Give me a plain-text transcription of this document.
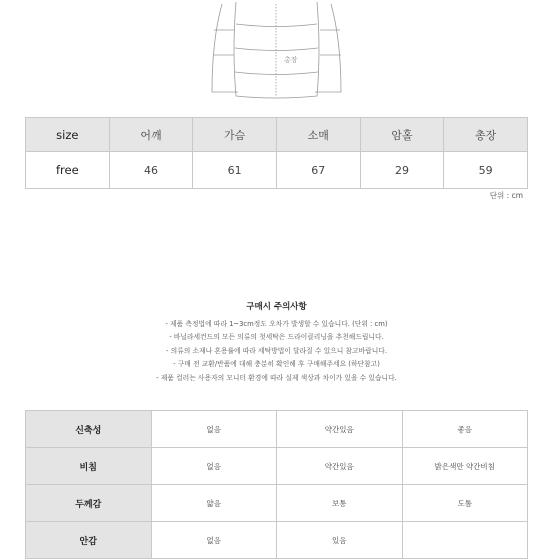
총장
size	어깨	가슴	소매	암홀	총장
free	46	61	67	29	59
단위 : cm
구매시 주의사항
- 제품 측정법에 따라 1~3cm정도 오차가 발생할 수 있습니다. (단위 : cm)
- 바닐라세컨드의 모든 의류의 첫세탁은 드라이클리닝을 추천해드립니다.
- 의류의 소재나 혼용률에 따라 세탁방법이 달라질 수 있으니 참고바랍니다.
- 구매 전 교환/반품에 대해 충분히 확인해 후 구매해주세요 (하단참고)
- 제품 컬러는 사용자의 모니터 환경에 따라 실제 색상과 차이가 있을 수 있습니다.
신축성	없음	약간있음	좋음
비침	없음	약간있음	밝은색만 약간비침
두께감	얇음	보통	도톰
안감	없음	있음	
